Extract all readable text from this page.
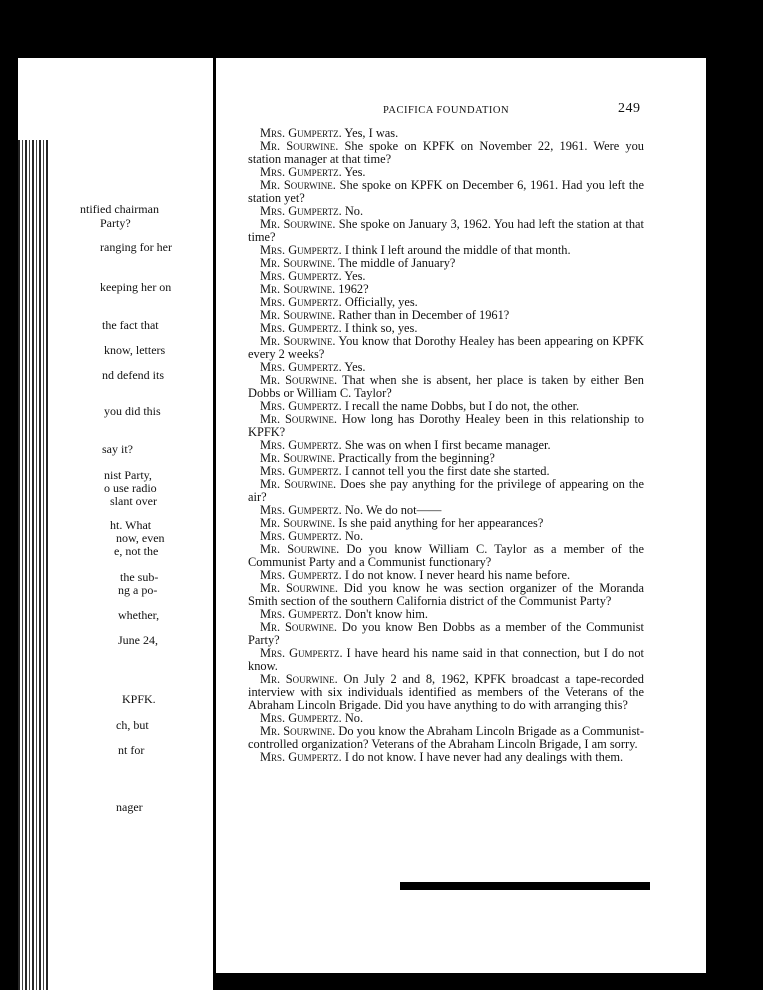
ntified chairman
Party?
ranging for her
keeping her on
the fact that
know, letters
nd defend its
you did this
say it?
nist Party,
o use radio
slant over
ht. What
now, even
e, not the
the sub-
ng a po-
whether,
June 24,
KPFK.
ch, but
nt for
nager
PACIFICA FOUNDATION	249

Mrs. Gumpertz. Yes, I was.

Mr. Sourwine. She spoke on KPFK on November 22, 1961. Were you station manager at that time?

Mrs. Gumpertz. Yes.

Mr. Sourwine. She spoke on KPFK on December 6, 1961. Had you left the station yet?

Mrs. Gumpertz. No.

Mr. Sourwine. She spoke on January 3, 1962. You had left the station at that time?

Mrs. Gumpertz. I think I left around the middle of that month.

Mr. Sourwine. The middle of January?

Mrs. Gumpertz. Yes.

Mr. Sourwine. 1962?

Mrs. Gumpertz. Officially, yes.

Mr. Sourwine. Rather than in December of 1961?

Mrs. Gumpertz. I think so, yes.

Mr. Sourwine. You know that Dorothy Healey has been appearing on KPFK every 2 weeks?

Mrs. Gumpertz. Yes.

Mr. Sourwine. That when she is absent, her place is taken by either Ben Dobbs or William C. Taylor?

Mrs. Gumpertz. I recall the name Dobbs, but I do not, the other.

Mr. Sourwine. How long has Dorothy Healey been in this relationship to KPFK?

Mrs. Gumpertz. She was on when I first became manager.

Mr. Sourwine. Practically from the beginning?

Mrs. Gumpertz. I cannot tell you the first date she started.

Mr. Sourwine. Does she pay anything for the privilege of appearing on the air?

Mrs. Gumpertz. No. We do not——

Mr. Sourwine. Is she paid anything for her appearances?

Mrs. Gumpertz. No.

Mr. Sourwine. Do you know William C. Taylor as a member of the Communist Party and a Communist functionary?

Mrs. Gumpertz. I do not know. I never heard his name before.

Mr. Sourwine. Did you know he was section organizer of the Moranda Smith section of the southern California district of the Communist Party?

Mrs. Gumpertz. Don't know him.

Mr. Sourwine. Do you know Ben Dobbs as a member of the Communist Party?

Mrs. Gumpertz. I have heard his name said in that connection, but I do not know.

Mr. Sourwine. On July 2 and 8, 1962, KPFK broadcast a tape-recorded interview with six individuals identified as members of the Veterans of the Abraham Lincoln Brigade. Did you have anything to do with arranging this?

Mrs. Gumpertz. No.

Mr. Sourwine. Do you know the Abraham Lincoln Brigade as a Communist-controlled organization? Veterans of the Abraham Lincoln Brigade, I am sorry.

Mrs. Gumpertz. I do not know. I have never had any dealings with them.
